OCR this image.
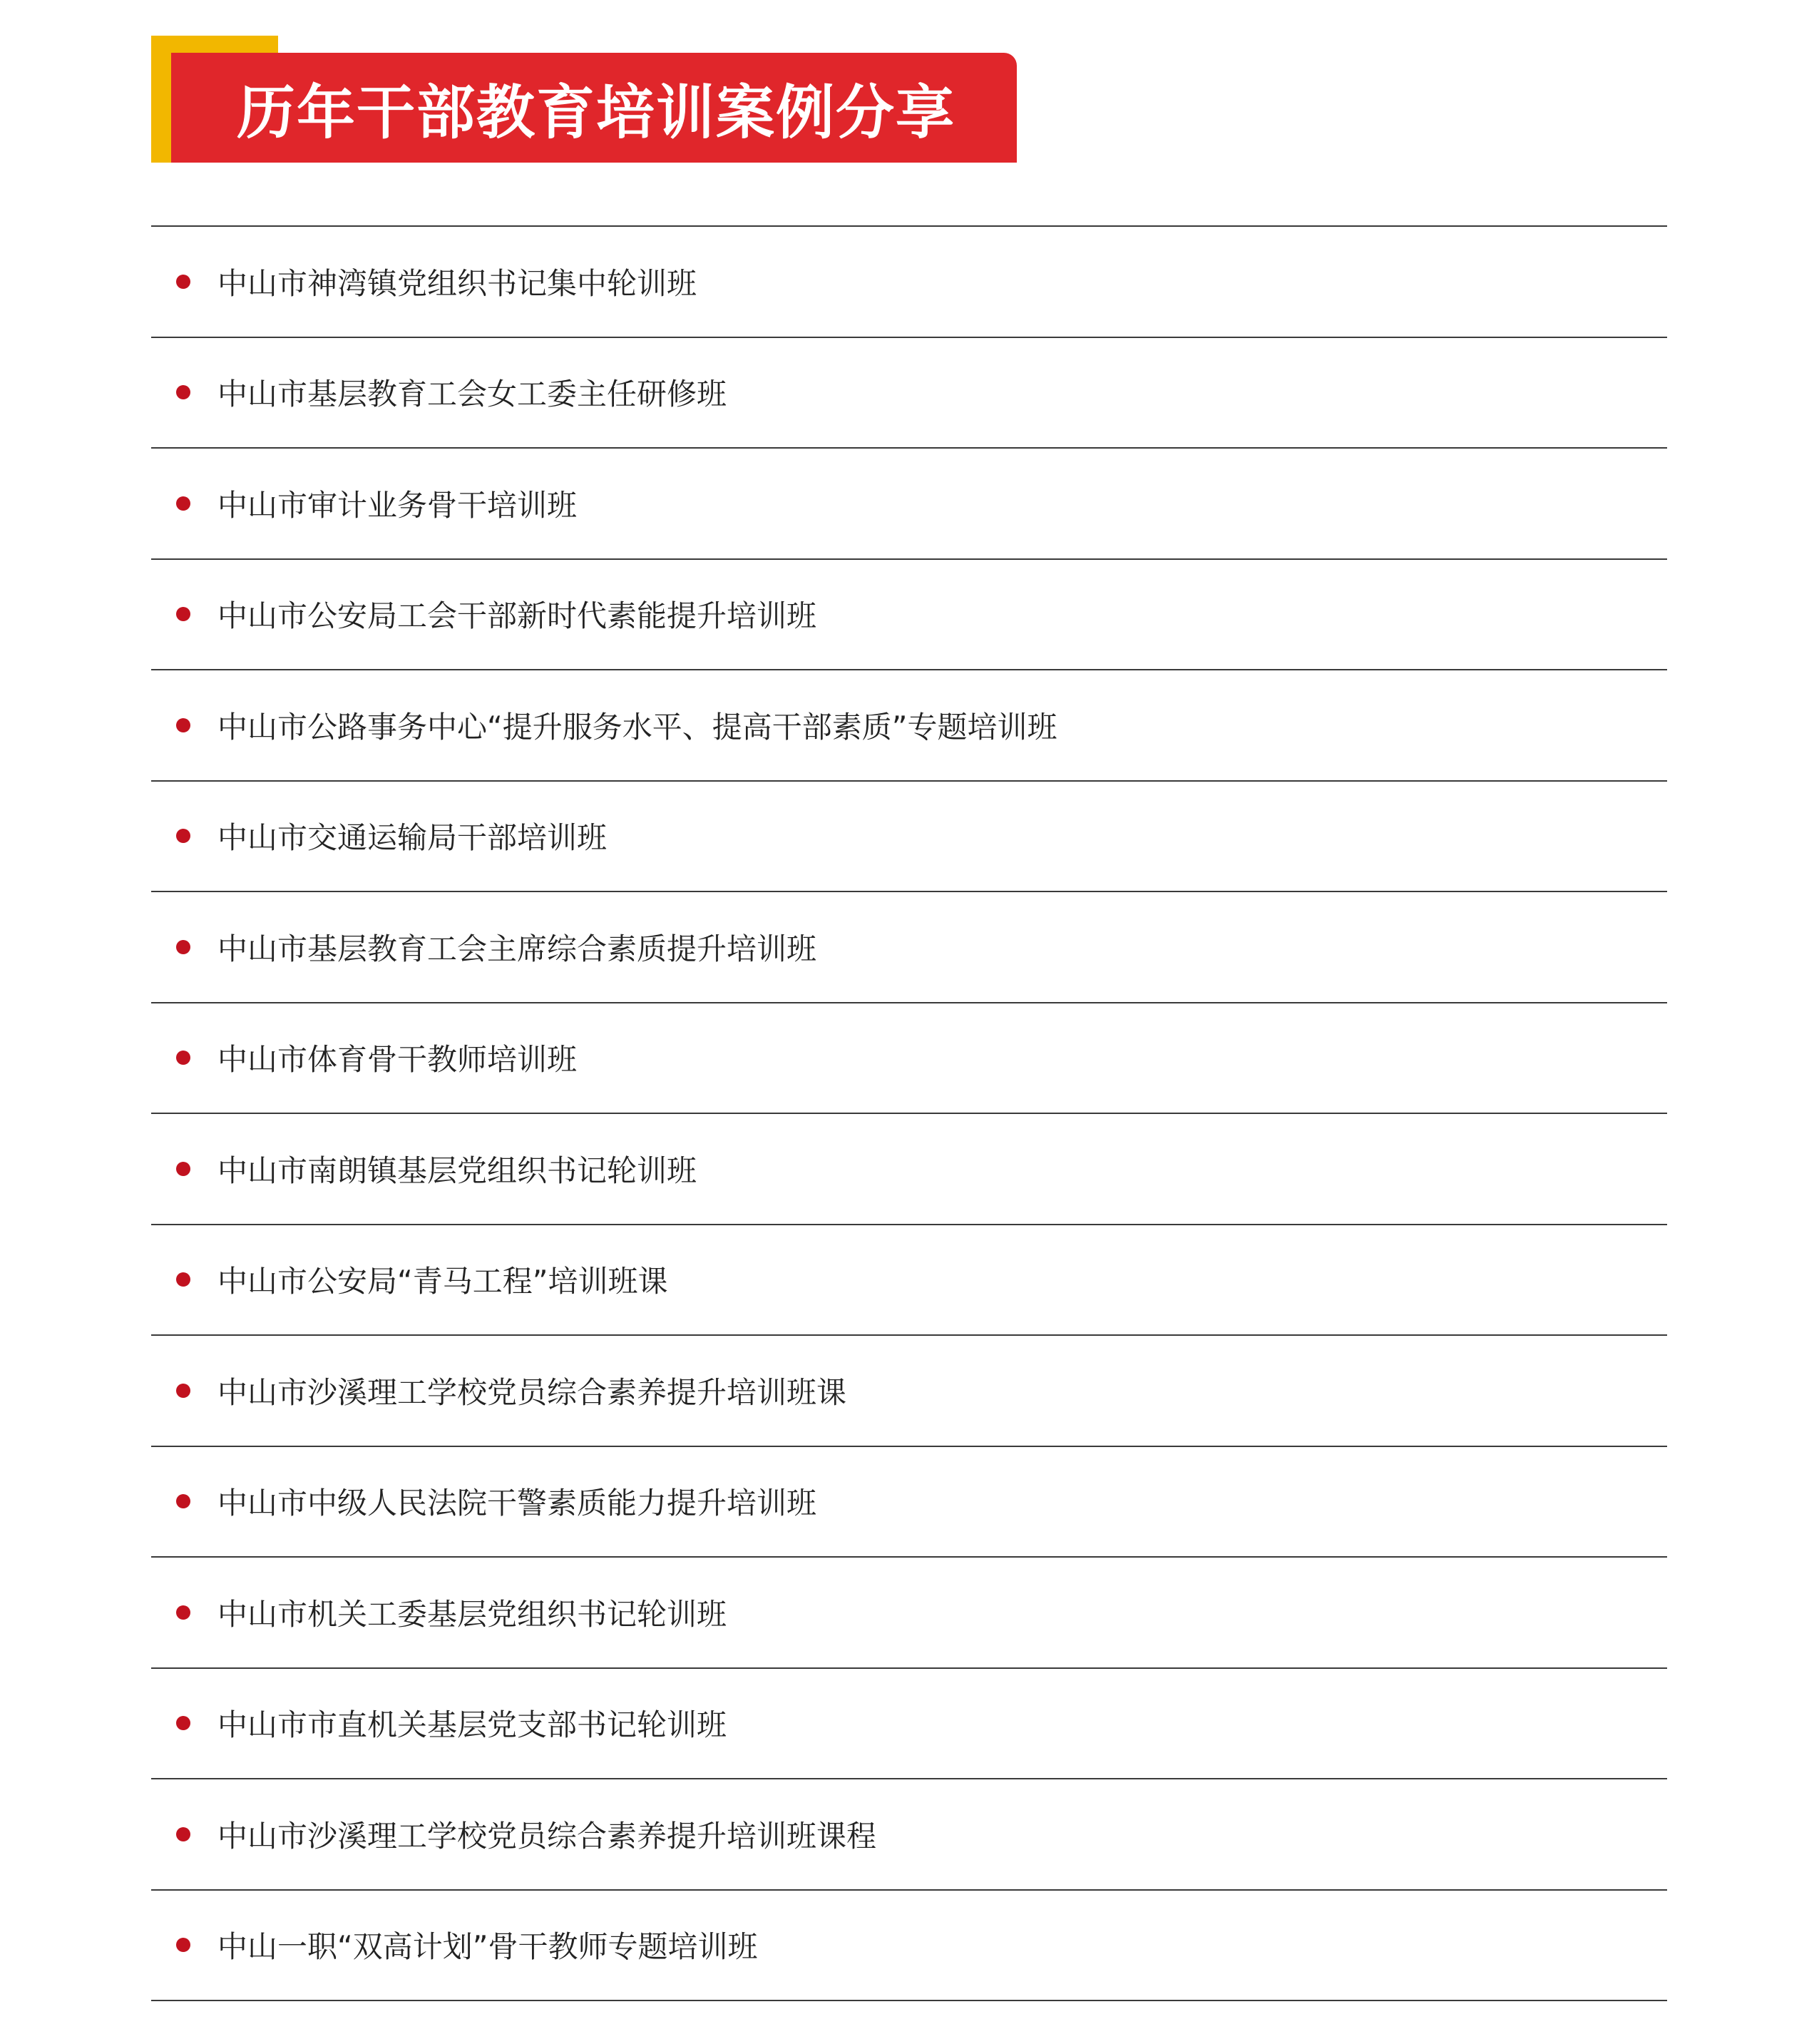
历年干部教育培训案例分享
中山市神湾镇党组织书记集中轮训班
中山市基层教育工会女工委主任研修班
中山市审计业务骨干培训班
中山市公安局工会干部新时代素能提升培训班
中山市公路事务中心“提升服务水平、提高干部素质”专题培训班
中山市交通运输局干部培训班
中山市基层教育工会主席综合素质提升培训班
中山市体育骨干教师培训班
中山市南朗镇基层党组织书记轮训班
中山市公安局“青马工程”培训班课
中山市沙溪理工学校党员综合素养提升培训班课
中山市中级人民法院干警素质能力提升培训班
中山市机关工委基层党组织书记轮训班
中山市市直机关基层党支部书记轮训班
中山市沙溪理工学校党员综合素养提升培训班课程
中山一职“双高计划”骨干教师专题培训班
